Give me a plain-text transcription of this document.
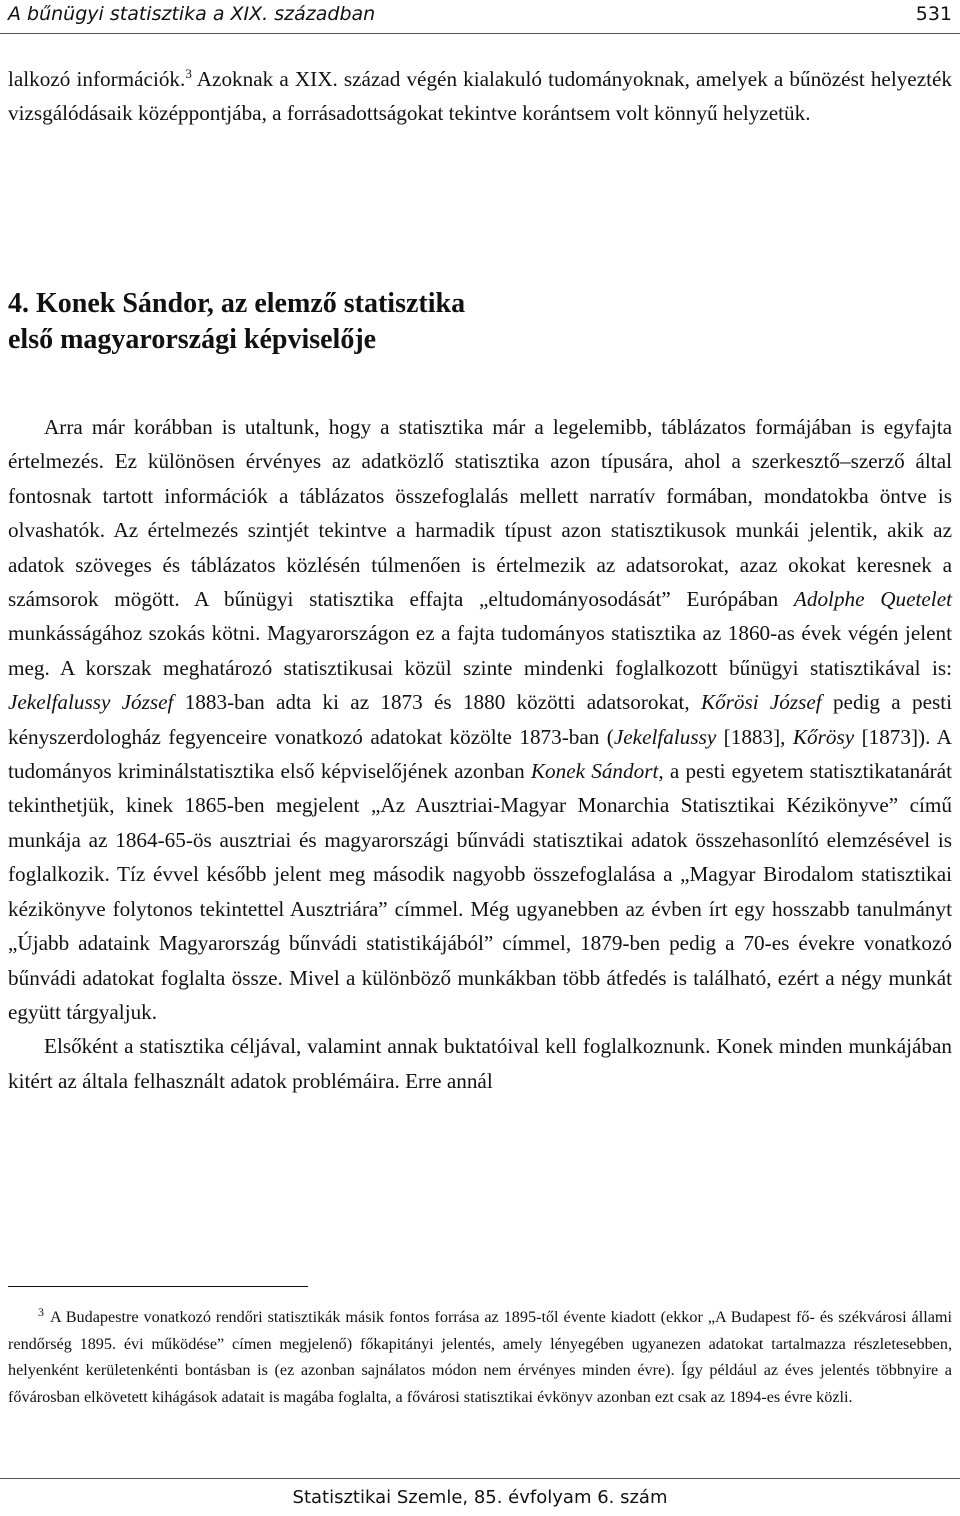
A bűnügyi statisztika a XIX. században	531

lalkozó információk.$^3$ Azoknak a XIX. század végén kialakuló tudományoknak, amelyek a bűnözést helyezték vizsgálódásaik középpontjába, a forrásadottságokat tekintve korántsem volt könnyű helyzetük.

4. Konek Sándor, az elemző statisztika
első magyarországi képviselője

Arra már korábban is utaltunk, hogy a statisztika már a legelemibb, táblázatos formájában is egyfajta értelmezés. Ez különösen érvényes az adatközlő statisztika azon típusára, ahol a szerkesztő–szerző által fontosnak tartott információk a táblázatos összefoglalás mellett narratív formában, mondatokba öntve is olvashatók. Az értelmezés szintjét tekintve a harmadik típust azon statisztikusok munkái jelentik, akik az adatok szöveges és táblázatos közlésén túlmenően is értelmezik az adatsorokat, azaz okokat keresnek a számsorok mögött. A bűnügyi statisztika effajta „eltudományosodását” Európában Adolphe Quetelet munkásságához szokás kötni. Magyarországon ez a fajta tudományos statisztika az 1860-as évek végén jelent meg. A korszak meghatározó statisztikusai közül szinte mindenki foglalkozott bűnügyi statisztikával is: Jekelfalussy József 1883-ban adta ki az 1873 és 1880 közötti adatsorokat, Kőrösi József pedig a pesti kényszerdologház fegyenceire vonatkozó adatokat közölte 1873-ban (Jekelfalussy [1883], Kőrösy [1873]). A tudományos kriminálstatisztika első képviselőjének azonban Konek Sándort, a pesti egyetem statisztikatanárát tekinthetjük, kinek 1865-ben megjelent „Az Ausztriai-Magyar Monarchia Statisztikai Kézikönyve” című munkája az 1864-65-ös ausztriai és magyarországi bűnvádi statisztikai adatok összehasonlító elemzésével is foglalkozik. Tíz évvel később jelent meg második nagyobb összefoglalása a „Magyar Birodalom statisztikai kézikönyve folytonos tekintettel Ausztriára” címmel. Még ugyanebben az évben írt egy hosszabb tanulmányt „Újabb adataink Magyarország bűnvádi statistikájából” címmel, 1879-ben pedig a 70-es évekre vonatkozó bűnvádi adatokat foglalta össze. Mivel a különböző munkákban több átfedés is található, ezért a négy munkát együtt tárgyaljuk.

Elsőként a statisztika céljával, valamint annak buktatóival kell foglalkoznunk. Konek minden munkájában kitért az általa felhasznált adatok problémáira. Erre annál

$^3$ A Budapestre vonatkozó rendőri statisztikák másik fontos forrása az 1895-től évente kiadott (ekkor „A Budapest fő- és székvárosi állami rendőrség 1895. évi működése” címen megjelenő) főkapitányi jelentés, amely lényegében ugyanezen adatokat tartalmazza részletesebben, helyenként kerületenkénti bontásban is (ez azonban sajnálatos módon nem érvényes minden évre). Így például az éves jelentés többnyire a fővárosban elkövetett kihágások adatait is magába foglalta, a fővárosi statisztikai évkönyv azonban ezt csak az 1894-es évre közli.

Statisztikai Szemle, 85. évfolyam 6. szám
